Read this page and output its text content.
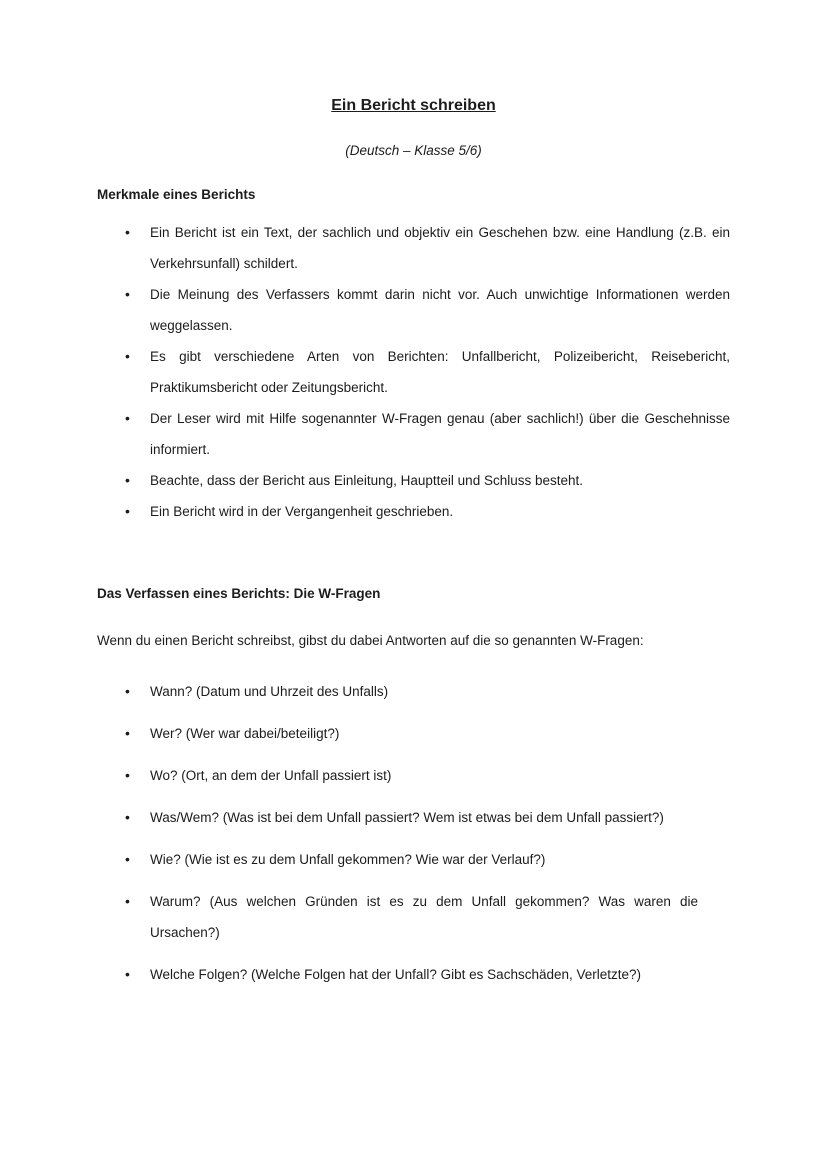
Ein Bericht schreiben

(Deutsch – Klasse 5/6)

Merkmale eines Berichts
• Ein Bericht ist ein Text, der sachlich und objektiv ein Geschehen bzw. eine Handlung (z.B. ein Verkehrsunfall) schildert.
• Die Meinung des Verfassers kommt darin nicht vor. Auch unwichtige Informationen werden weggelassen.
• Es gibt verschiedene Arten von Berichten: Unfallbericht, Polizeibericht, Reisebericht, Praktikumsbericht oder Zeitungsbericht.
• Der Leser wird mit Hilfe sogenannter W-Fragen genau (aber sachlich!) über die Geschehnisse informiert.
• Beachte, dass der Bericht aus Einleitung, Hauptteil und Schluss besteht.
• Ein Bericht wird in der Vergangenheit geschrieben.
Das Verfassen eines Berichts: Die W-Fragen

Wenn du einen Bericht schreibst, gibst du dabei Antworten auf die so genannten W-Fragen:

• Wann? (Datum und Uhrzeit des Unfalls)
• Wer? (Wer war dabei/beteiligt?)
• Wo? (Ort, an dem der Unfall passiert ist)
• Was/Wem? (Was ist bei dem Unfall passiert? Wem ist etwas bei dem Unfall passiert?)
• Wie? (Wie ist es zu dem Unfall gekommen? Wie war der Verlauf?)
• Warum? (Aus welchen Gründen ist es zu dem Unfall gekommen? Was waren die Ursachen?)
• Welche Folgen? (Welche Folgen hat der Unfall? Gibt es Sachschäden, Verletzte?)
